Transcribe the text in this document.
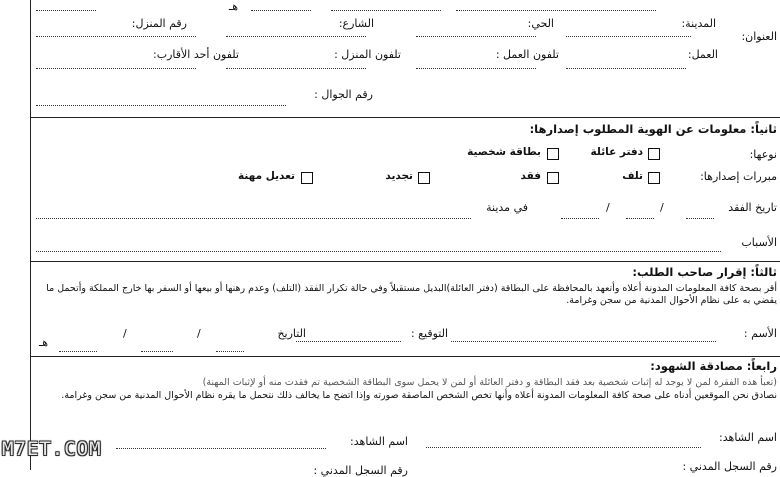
هـ
العنوان:
المدينة:
الحي:
الشارع:
رقم المنزل:
العمل:
تلفون العمل :
تلفون المنزل :
تلفون أحد الأقارب:
رقم الجوال :
ثانياً: معلومات عن الهوية المطلوب إصدارها:
نوعها:
دفتر عائلة
بطاقة شخصية
مبررات إصدارها:
تلف
فقد
تجديد
تعديل مهنة
تاريخ الفقد
/
/
في مدينة
الأسباب
ثالثاً: إقرار صاحب الطلب:
أقر بصحة كافة المعلومات المدونة أعلاه وأتعهد بالمحافظة على البطاقة (دفتر العائلة)البديل مستقبلاً وفي حالة تكرار الفقد (التلف) وعدم رهنها أو بيعها أو السفر بها خارج المملكة وأتحمل ما يقضي به على نظام الأحوال المدنية من سجن وغرامة.
الأسم :
التوقيع :
التاريخ
/
/
هـ
رابعاً: مصادقة الشهود:
(تعبأ هذه الفقرة لمن لا يوجد له إثبات شخصية بعد فقد البطاقة و دفتر العائلة أو لمن لا يحمل سوى البطاقة الشخصية تم فقدت منه أو لإثبات المهنة)
نصادق نحن الموقعين أدناه على صحة كافة المعلومات المدونة أعلاه وأنها تخص الشخص الماصقة صورته وإذا اتضح ما يخالف ذلك نتحمل ما يقره نظام الأحوال المدنية من سجن وغرامة.
اسم الشاهد:
اسم الشاهد:
رقم السجل المدني :
رقم السجل المدني :
M7ET.COM
